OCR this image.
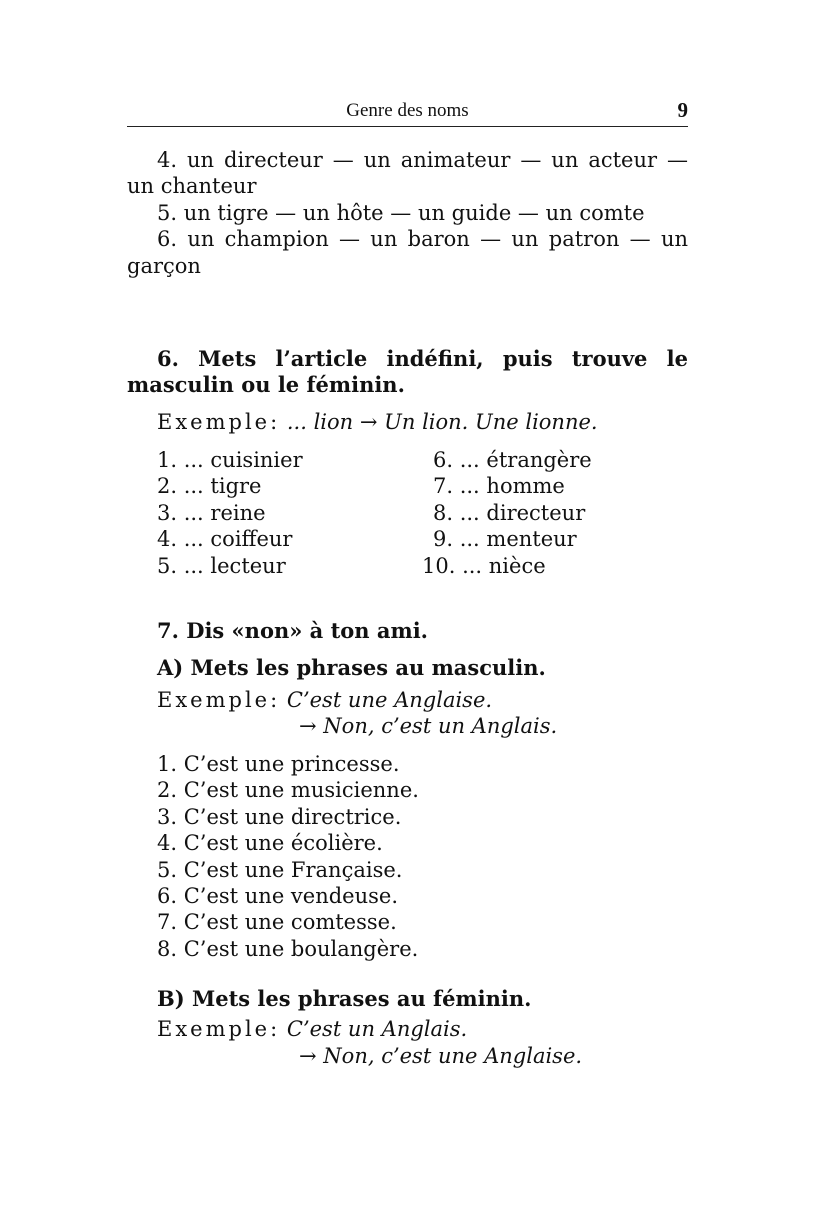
Genre des noms	9
4. un directeur — un animateur — un acteur — un chanteur
5. un tigre — un hôte — un guide — un comte
6. un champion — un baron — un patron — un garçon
6. Mets l’article indéfini, puis trouve le masculin ou le féminin.
Exemple: ... lion → Un lion. Une lionne.
1. ... cuisinier
2. ... tigre
3. ... reine
4. ... coiffeur
5. ... lecteur
6. ... étrangère
7. ... homme
8. ... directeur
9. ... menteur
10. ... nièce
7. Dis «non» à ton ami.
A) Mets les phrases au masculin.
Exemple: C’est une Anglaise.
→ Non, c’est un Anglais.
1. C’est une princesse.
2. C’est une musicienne.
3. C’est une directrice.
4. C’est une écolière.
5. C’est une Française.
6. C’est une vendeuse.
7. C’est une comtesse.
8. C’est une boulangère.
B) Mets les phrases au féminin.
Exemple: C’est un Anglais.
→ Non, c’est une Anglaise.
